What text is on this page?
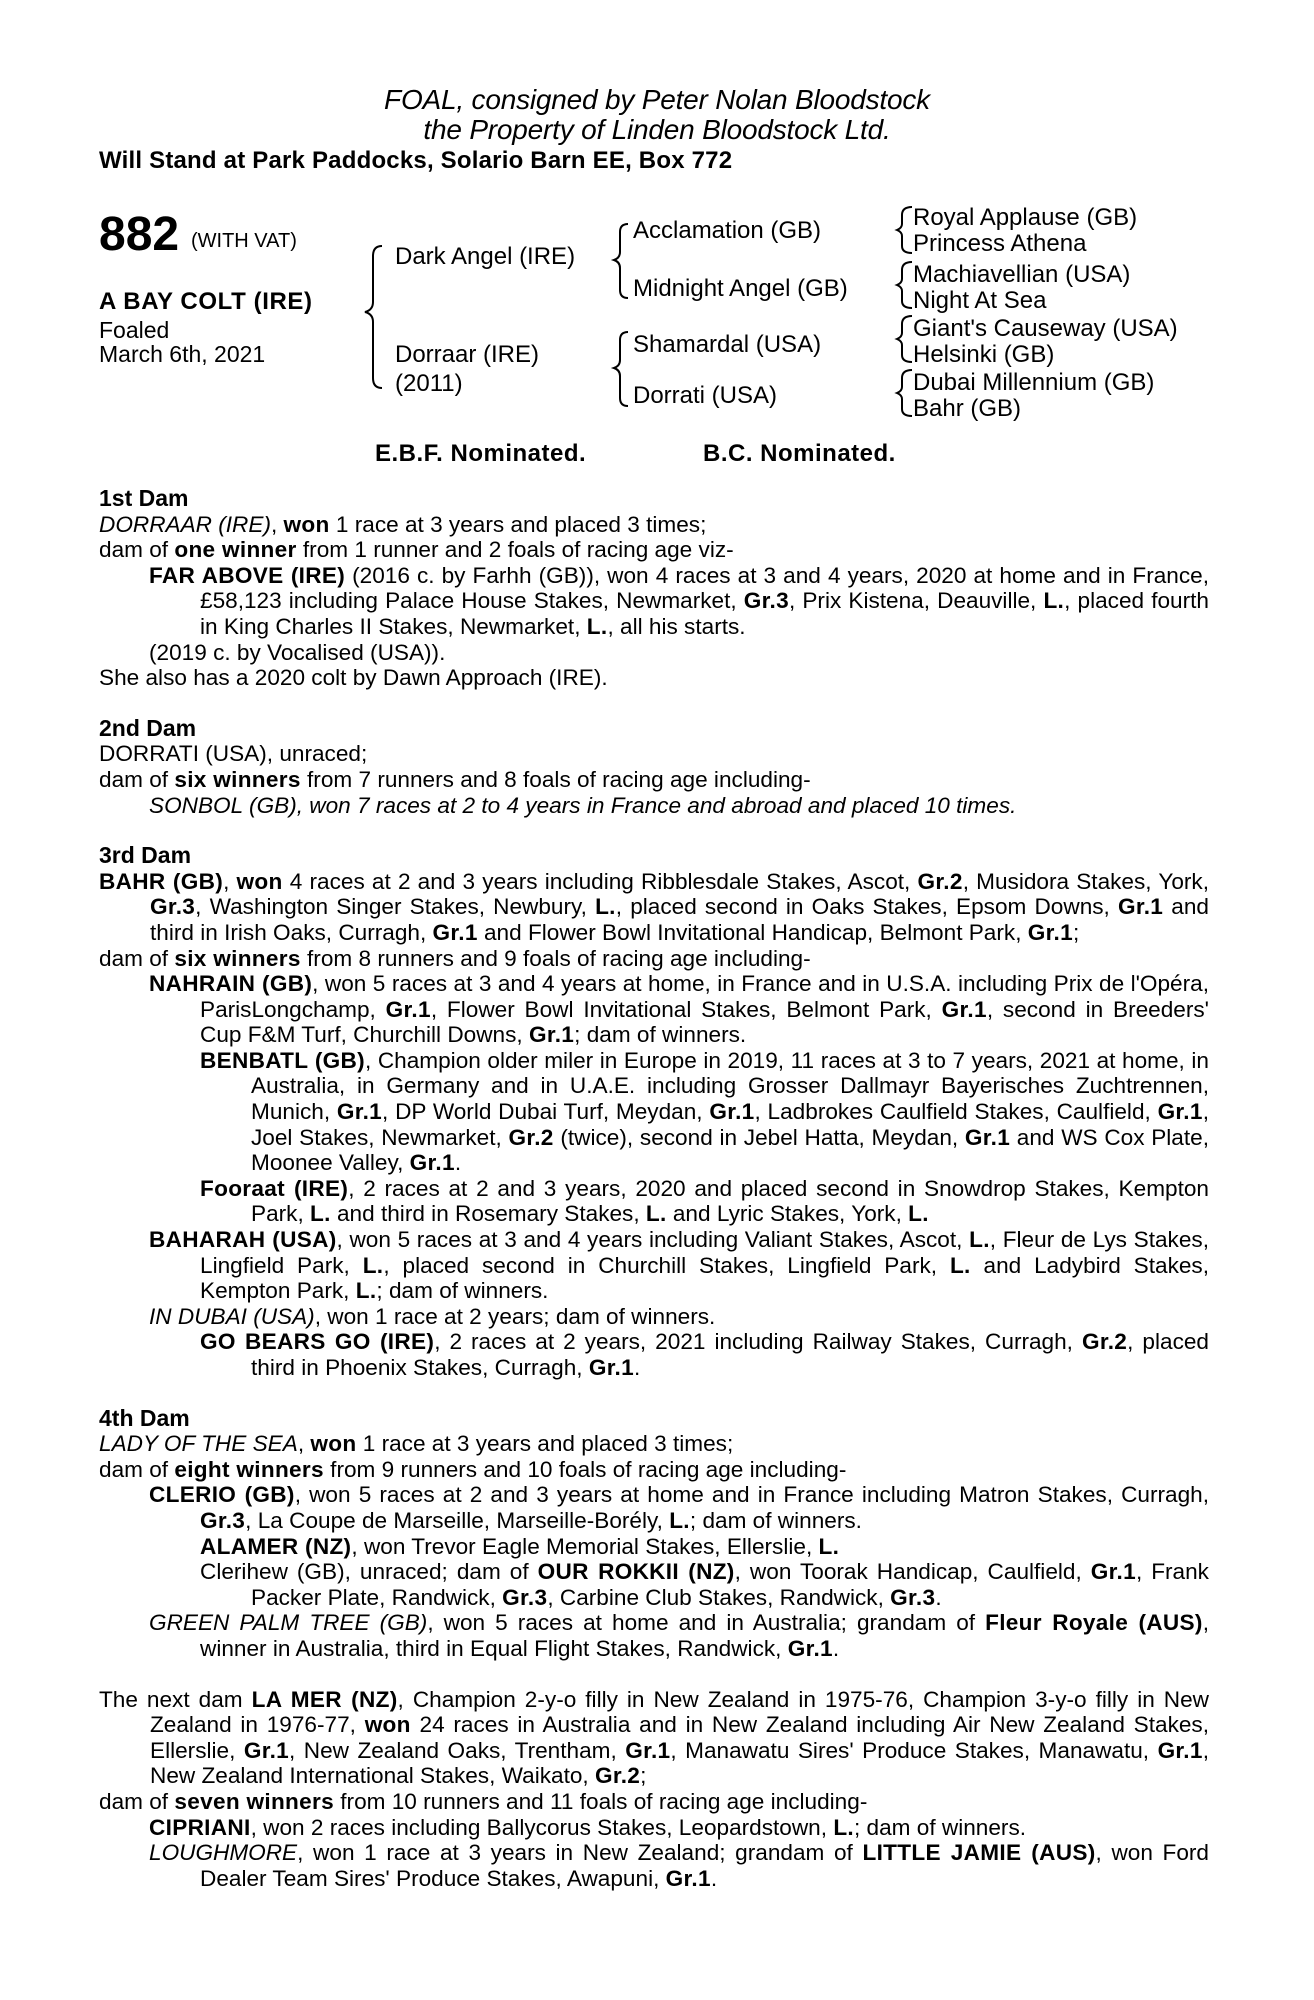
FOAL, consigned by Peter Nolan Bloodstock
the Property of Linden Bloodstock Ltd.
Will Stand at Park Paddocks, Solario Barn EE, Box 772
882 (WITH VAT)
A BAY COLT (IRE)
Foaled
March 6th, 2021
Dark Angel (IRE)
Dorraar (IRE)
(2011)
Acclamation (GB)
Midnight Angel (GB)
Shamardal (USA)
Dorrati (USA)
Royal Applause (GB)
Princess Athena
Machiavellian (USA)
Night At Sea
Giant's Causeway (USA)
Helsinki (GB)
Dubai Millennium (GB)
Bahr (GB)
E.B.F. Nominated.	B.C. Nominated.

1st Dam

DORRAAR (IRE), won 1 race at 3 years and placed 3 times;

dam of one winner from 1 runner and 2 foals of racing age viz-

FAR ABOVE (IRE) (2016 c. by Farhh (GB)), won 4 races at 3 and 4 years, 2020 at home and in France, £58,123 including Palace House Stakes, Newmarket, Gr.3, Prix Kistena, Deauville, L., placed fourth in King Charles II Stakes, Newmarket, L., all his starts.

(2019 c. by Vocalised (USA)).

She also has a 2020 colt by Dawn Approach (IRE).

2nd Dam

DORRATI (USA), unraced;

dam of six winners from 7 runners and 8 foals of racing age including-

SONBOL (GB), won 7 races at 2 to 4 years in France and abroad and placed 10 times.

3rd Dam

BAHR (GB), won 4 races at 2 and 3 years including Ribblesdale Stakes, Ascot, Gr.2, Musidora Stakes, York, Gr.3, Washington Singer Stakes, Newbury, L., placed second in Oaks Stakes, Epsom Downs, Gr.1 and third in Irish Oaks, Curragh, Gr.1 and Flower Bowl Invitational Handicap, Belmont Park, Gr.1;

dam of six winners from 8 runners and 9 foals of racing age including-

NAHRAIN (GB), won 5 races at 3 and 4 years at home, in France and in U.S.A. including Prix de l'Opéra, ParisLongchamp, Gr.1, Flower Bowl Invitational Stakes, Belmont Park, Gr.1, second in Breeders' Cup F&M Turf, Churchill Downs, Gr.1; dam of winners.

BENBATL (GB), Champion older miler in Europe in 2019, 11 races at 3 to 7 years, 2021 at home, in Australia, in Germany and in U.A.E. including Grosser Dallmayr Bayerisches Zuchtrennen, Munich, Gr.1, DP World Dubai Turf, Meydan, Gr.1, Ladbrokes Caulfield Stakes, Caulfield, Gr.1, Joel Stakes, Newmarket, Gr.2 (twice), second in Jebel Hatta, Meydan, Gr.1 and WS Cox Plate, Moonee Valley, Gr.1.

Fooraat (IRE), 2 races at 2 and 3 years, 2020 and placed second in Snowdrop Stakes, Kempton Park, L. and third in Rosemary Stakes, L. and Lyric Stakes, York, L.

BAHARAH (USA), won 5 races at 3 and 4 years including Valiant Stakes, Ascot, L., Fleur de Lys Stakes, Lingfield Park, L., placed second in Churchill Stakes, Lingfield Park, L. and Ladybird Stakes, Kempton Park, L.; dam of winners.

IN DUBAI (USA), won 1 race at 2 years; dam of winners.

GO BEARS GO (IRE), 2 races at 2 years, 2021 including Railway Stakes, Curragh, Gr.2, placed third in Phoenix Stakes, Curragh, Gr.1.

4th Dam

LADY OF THE SEA, won 1 race at 3 years and placed 3 times;

dam of eight winners from 9 runners and 10 foals of racing age including-

CLERIO (GB), won 5 races at 2 and 3 years at home and in France including Matron Stakes, Curragh, Gr.3, La Coupe de Marseille, Marseille-Borély, L.; dam of winners.

ALAMER (NZ), won Trevor Eagle Memorial Stakes, Ellerslie, L.

Clerihew (GB), unraced; dam of OUR ROKKII (NZ), won Toorak Handicap, Caulfield, Gr.1, Frank Packer Plate, Randwick, Gr.3, Carbine Club Stakes, Randwick, Gr.3.

GREEN PALM TREE (GB), won 5 races at home and in Australia; grandam of Fleur Royale (AUS), winner in Australia, third in Equal Flight Stakes, Randwick, Gr.1.

The next dam LA MER (NZ), Champion 2-y-o filly in New Zealand in 1975-76, Champion 3-y-o filly in New Zealand in 1976-77, won 24 races in Australia and in New Zealand including Air New Zealand Stakes, Ellerslie, Gr.1, New Zealand Oaks, Trentham, Gr.1, Manawatu Sires' Produce Stakes, Manawatu, Gr.1, New Zealand International Stakes, Waikato, Gr.2;

dam of seven winners from 10 runners and 11 foals of racing age including-

CIPRIANI, won 2 races including Ballycorus Stakes, Leopardstown, L.; dam of winners.

LOUGHMORE, won 1 race at 3 years in New Zealand; grandam of LITTLE JAMIE (AUS), won Ford Dealer Team Sires' Produce Stakes, Awapuni, Gr.1.
